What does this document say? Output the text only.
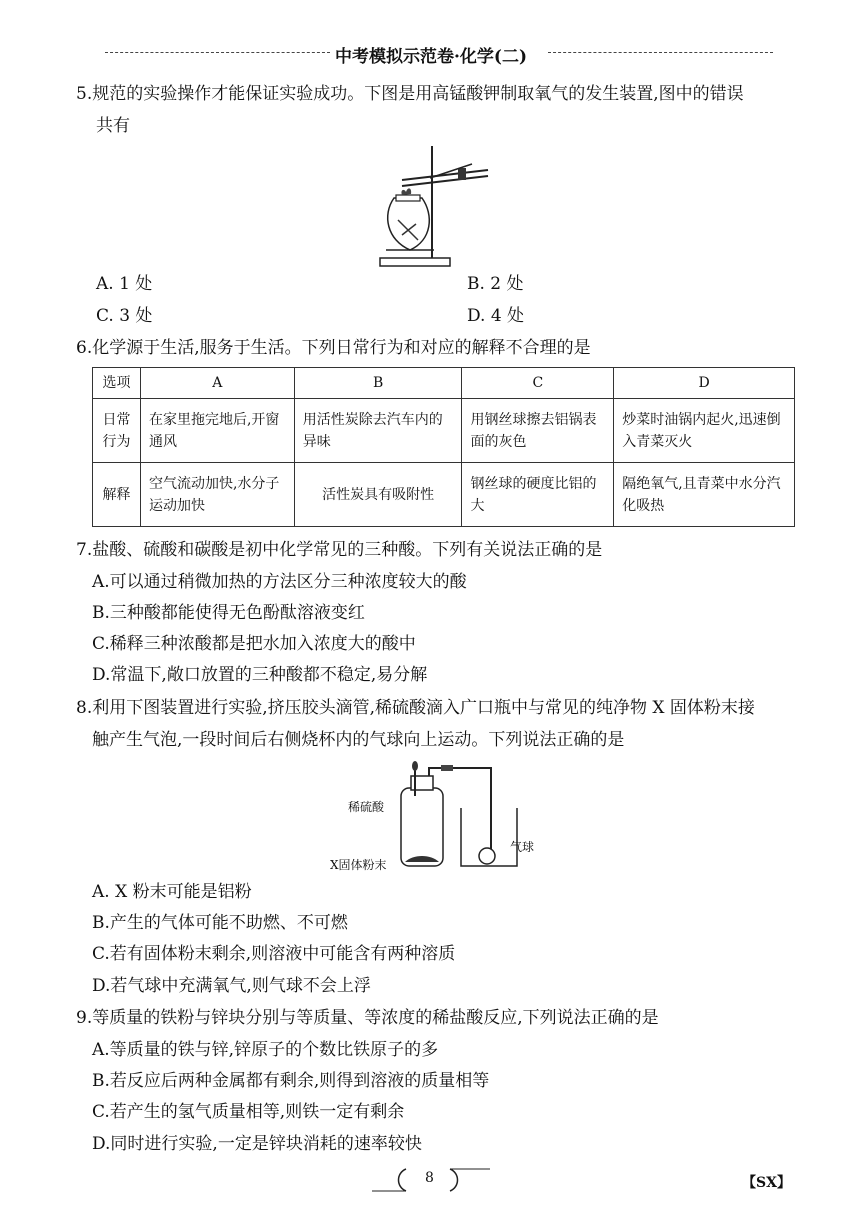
中考模拟示范卷·化学(二)
5.规范的实验操作才能保证实验成功。下图是用高锰酸钾制取氧气的发生装置,图中的错误
共有
A. 1 处	B. 2 处
C. 3 处	D. 4 处
6.化学源于生活,服务于生活。下列日常行为和对应的解释不合理的是
选项	A	B	C	D
日常
行为	在家里拖完地后,开窗通风	用活性炭除去汽车内的异味	用钢丝球擦去铝锅表面的灰色	炒菜时油锅内起火,迅速倒入青菜灭火
解释	空气流动加快,水分子运动加快	活性炭具有吸附性	钢丝球的硬度比铝的大	隔绝氧气,且青菜中水分汽化吸热
7.盐酸、硫酸和碳酸是初中化学常见的三种酸。下列有关说法正确的是
A.可以通过稍微加热的方法区分三种浓度较大的酸
B.三种酸都能使得无色酚酞溶液变红
C.稀释三种浓酸都是把水加入浓度大的酸中
D.常温下,敞口放置的三种酸都不稳定,易分解
8.利用下图装置进行实验,挤压胶头滴管,稀硫酸滴入广口瓶中与常见的纯净物 X 固体粉末接
触产生气泡,一段时间后右侧烧杯内的气球向上运动。下列说法正确的是
稀硫酸
X固体粉末
气球
A. X 粉末可能是铝粉
B.产生的气体可能不助燃、不可燃
C.若有固体粉末剩余,则溶液中可能含有两种溶质
D.若气球中充满氧气,则气球不会上浮
9.等质量的铁粉与锌块分别与等质量、等浓度的稀盐酸反应,下列说法正确的是
A.等质量的铁与锌,锌原子的个数比铁原子的多
B.若反应后两种金属都有剩余,则得到溶液的质量相等
C.若产生的氢气质量相等,则铁一定有剩余
D.同时进行实验,一定是锌块消耗的速率较快
8	【SX】
